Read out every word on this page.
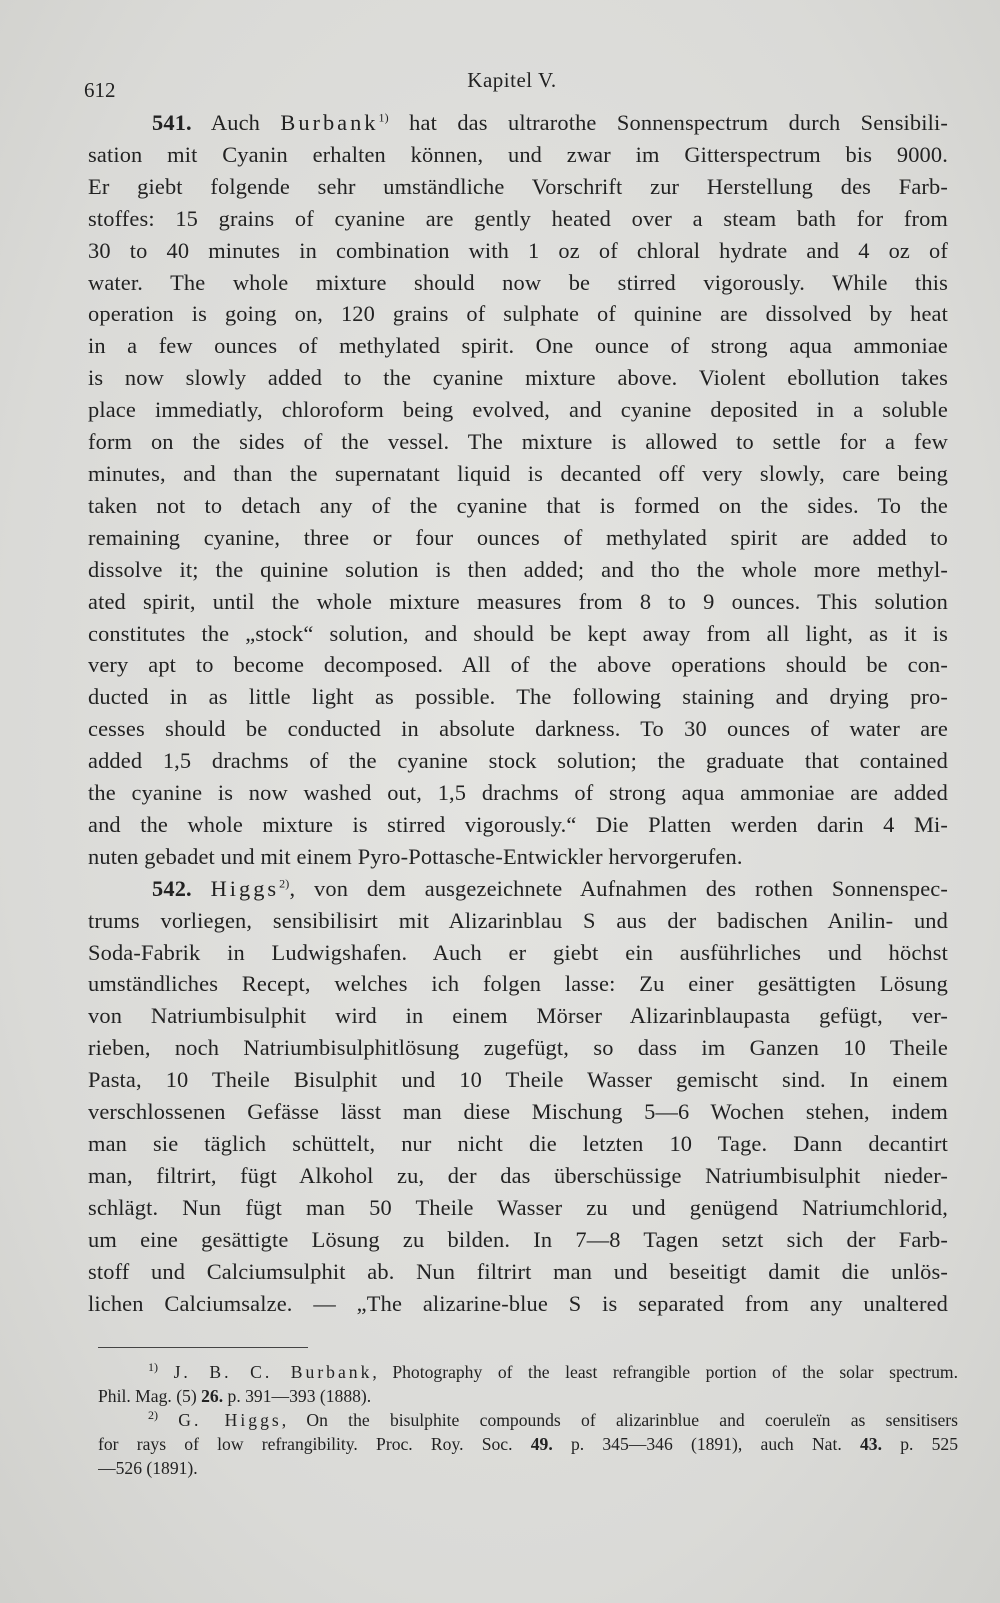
612	Kapitel V.
541. Auch Burbank$^{1)}$ hat das ultrarothe Sonnenspectrum durch Sensibili-
sation mit Cyanin erhalten können, und zwar im Gitterspectrum bis 9000.
Er giebt folgende sehr umständliche Vorschrift zur Herstellung des Farb-
stoffes: 15 grains of cyanine are gently heated over a steam bath for from
30 to 40 minutes in combination with 1 oz of chloral hydrate and 4 oz of
water. The whole mixture should now be stirred vigorously. While this
operation is going on, 120 grains of sulphate of quinine are dissolved by heat
in a few ounces of methylated spirit. One ounce of strong aqua ammoniae
is now slowly added to the cyanine mixture above. Violent ebollution takes
place immediatly, chloroform being evolved, and cyanine deposited in a soluble
form on the sides of the vessel. The mixture is allowed to settle for a few
minutes, and than the supernatant liquid is decanted off very slowly, care being
taken not to detach any of the cyanine that is formed on the sides. To the
remaining cyanine, three or four ounces of methylated spirit are added to
dissolve it; the quinine solution is then added; and tho the whole more methyl-
ated spirit, until the whole mixture measures from 8 to 9 ounces. This solution
constitutes the „stock“ solution, and should be kept away from all light, as it is
very apt to become decomposed. All of the above operations should be con-
ducted in as little light as possible. The following staining and drying pro-
cesses should be conducted in absolute darkness. To 30 ounces of water are
added 1,5 drachms of the cyanine stock solution; the graduate that contained
the cyanine is now washed out, 1,5 drachms of strong aqua ammoniae are added
and the whole mixture is stirred vigorously.“ Die Platten werden darin 4 Mi-
nuten gebadet und mit einem Pyro-Pottasche-Entwickler hervorgerufen.
542. Higgs$^{2)}$, von dem ausgezeichnete Aufnahmen des rothen Sonnenspec-
trums vorliegen, sensibilisirt mit Alizarinblau S aus der badischen Anilin- und
Soda-Fabrik in Ludwigshafen. Auch er giebt ein ausführliches und höchst
umständliches Recept, welches ich folgen lasse: Zu einer gesättigten Lösung
von Natriumbisulphit wird in einem Mörser Alizarinblaupasta gefügt, ver-
rieben, noch Natriumbisulphitlösung zugefügt, so dass im Ganzen 10 Theile
Pasta, 10 Theile Bisulphit und 10 Theile Wasser gemischt sind. In einem
verschlossenen Gefässe lässt man diese Mischung 5—6 Wochen stehen, indem
man sie täglich schüttelt, nur nicht die letzten 10 Tage. Dann decantirt
man, filtrirt, fügt Alkohol zu, der das überschüssige Natriumbisulphit nieder-
schlägt. Nun fügt man 50 Theile Wasser zu und genügend Natriumchlorid,
um eine gesättigte Lösung zu bilden. In 7—8 Tagen setzt sich der Farb-
stoff und Calciumsulphit ab. Nun filtrirt man und beseitigt damit die unlös-
lichen Calciumsalze. — „The alizarine-blue S is separated from any unaltered
$^{1)}$ J. B. C. Burbank, Photography of the least refrangible portion of the solar spectrum.
Phil. Mag. (5) 26. p. 391—393 (1888).
$^{2)}$ G. Higgs, On the bisulphite compounds of alizarinblue and coeruleïn as sensitisers
for rays of low refrangibility. Proc. Roy. Soc. 49. p. 345—346 (1891), auch Nat. 43. p. 525
—526 (1891).
